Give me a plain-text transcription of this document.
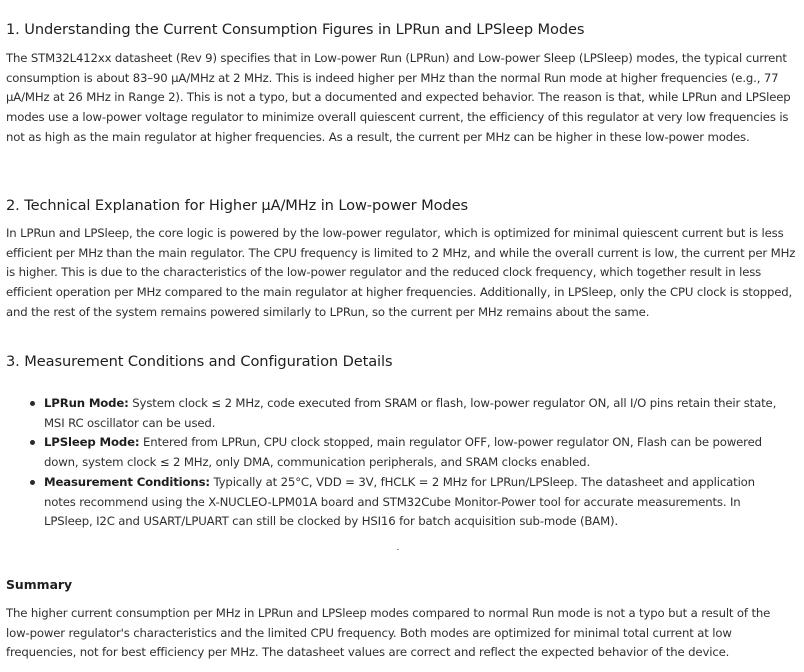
1. Understanding the Current Consumption Figures in LPRun and LPSleep Modes

The STM32L412xx datasheet (Rev 9) specifies that in Low-power Run (LPRun) and Low-power Sleep (LPSleep) modes, the typical current consumption is about 83–90 µA/MHz at 2 MHz. This is indeed higher per MHz than the normal Run mode at higher frequencies (e.g., 77 µA/MHz at 26 MHz in Range 2). This is not a typo, but a documented and expected behavior. The reason is that, while LPRun and LPSleep modes use a low-power voltage regulator to minimize overall quiescent current, the efficiency of this regulator at very low frequencies is not as high as the main regulator at higher frequencies. As a result, the current per MHz can be higher in these low-power modes.

2. Technical Explanation for Higher µA/MHz in Low-power Modes

In LPRun and LPSleep, the core logic is powered by the low-power regulator, which is optimized for minimal quiescent current but is less efficient per MHz than the main regulator. The CPU frequency is limited to 2 MHz, and while the overall current is low, the current per MHz is higher. This is due to the characteristics of the low-power regulator and the reduced clock frequency, which together result in less efficient operation per MHz compared to the main regulator at higher frequencies. Additionally, in LPSleep, only the CPU clock is stopped, and the rest of the system remains powered similarly to LPRun, so the current per MHz remains about the same.

3. Measurement Conditions and Configuration Details
LPRun Mode: System clock ≤ 2 MHz, code executed from SRAM or flash, low-power regulator ON, all I/O pins retain their state, MSI RC oscillator can be used.
LPSleep Mode: Entered from LPRun, CPU clock stopped, main regulator OFF, low-power regulator ON, Flash can be powered down, system clock ≤ 2 MHz, only DMA, communication peripherals, and SRAM clocks enabled.
Measurement Conditions: Typically at 25°C, VDD = 3V, fHCLK = 2 MHz for LPRun/LPSleep. The datasheet and application notes recommend using the X-NUCLEO-LPM01A board and STM32Cube Monitor-Power tool for accurate measurements. In LPSleep, I2C and USART/LPUART can still be clocked by HSI16 for batch acquisition sub-mode (BAM).
Summary

The higher current consumption per MHz in LPRun and LPSleep modes compared to normal Run mode is not a typo but a result of the low-power regulator's characteristics and the limited CPU frequency. Both modes are optimized for minimal total current at low frequencies, not for best efficiency per MHz. The datasheet values are correct and reflect the expected behavior of the device.
